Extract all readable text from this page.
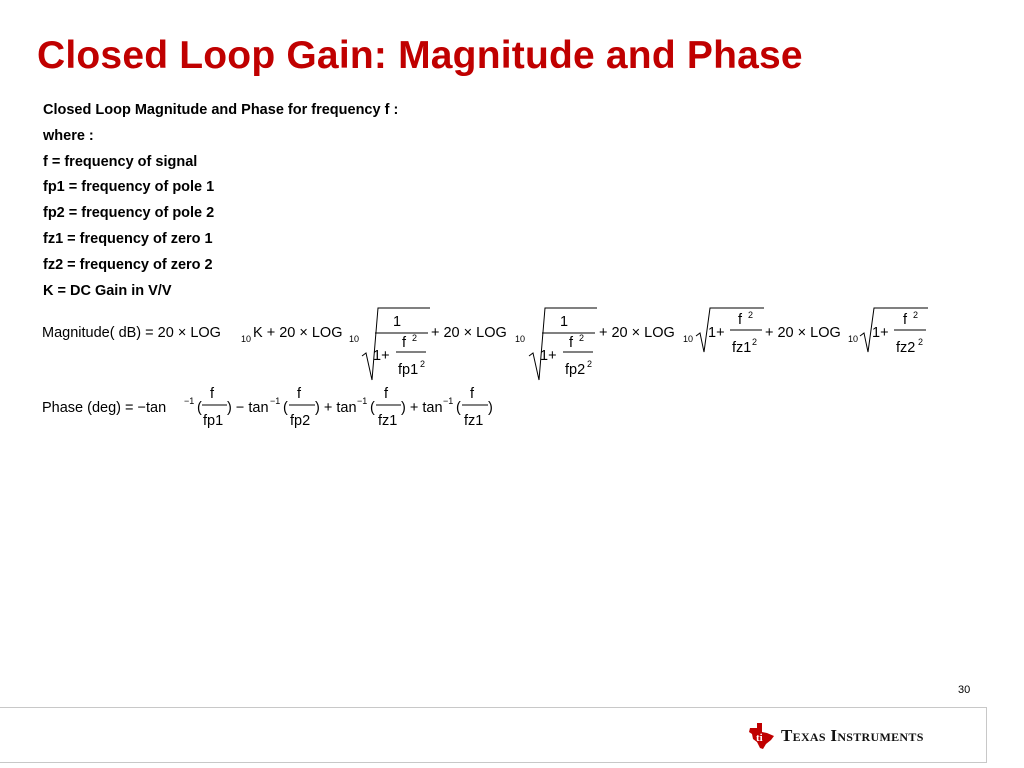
Closed Loop Gain: Magnitude and Phase
Closed Loop Magnitude and Phase for frequency f :
where :
f = frequency of signal
fp1 = frequency of pole 1
fp2 = frequency of pole 2
fz1 = frequency of zero 1
fz2 = frequency of zero 2
K = DC Gain in V/V
Magnitude( dB) = 20 × LOG 10 K + 20 × LOG 10
1
1+
f 2
fp1 2
+ 20 × LOG 10
1
1+
f 2
fp2 2
+ 20 × LOG 10 1+
f 2
fz1 2
+ 20 × LOG 10 1+
f 2
fz2 2
Phase (deg) = −tan −1 (
f
fp1
) − tan −1 (
f
fp2
) + tan −1 (
f
fz1
) + tan −1 (
f
fz1
)
30
ti Texas Instruments
